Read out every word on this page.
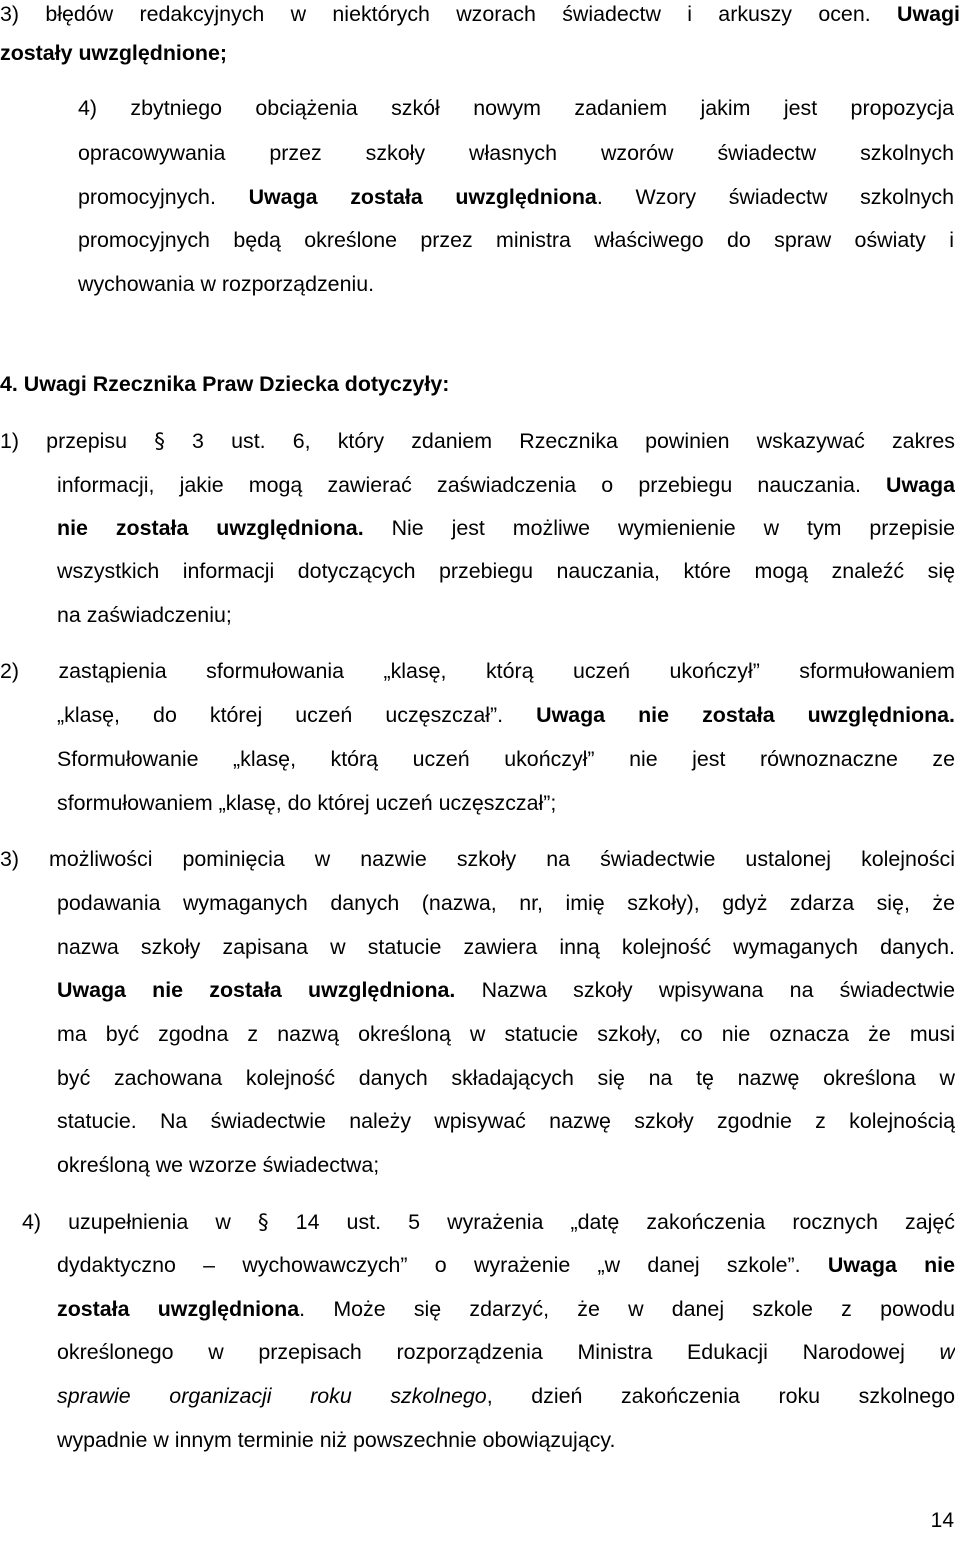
3) błędów redakcyjnych w niektórych wzorach świadectw i arkuszy ocen. Uwagi
zostały uwzględnione;
4) zbytniego obciążenia szkół nowym zadaniem jakim jest propozycja
opracowywania przez szkoły własnych wzorów świadectw szkolnych
promocyjnych. Uwaga została uwzględniona. Wzory świadectw szkolnych
promocyjnych będą określone przez ministra właściwego do spraw oświaty i
wychowania w rozporządzeniu.
4. Uwagi Rzecznika Praw Dziecka dotyczyły:
1) przepisu § 3 ust. 6, który zdaniem Rzecznika powinien wskazywać zakres
informacji, jakie mogą zawierać zaświadczenia o przebiegu nauczania. Uwaga
nie została uwzględniona. Nie jest możliwe wymienienie w tym przepisie
wszystkich informacji dotyczących przebiegu nauczania, które mogą znaleźć się
na zaświadczeniu;
2) zastąpienia sformułowania „klasę, którą uczeń ukończył” sformułowaniem
„klasę, do której uczeń uczęszczał”. Uwaga nie została uwzględniona.
Sformułowanie „klasę, którą uczeń ukończył” nie jest równoznaczne ze
sformułowaniem „klasę, do której uczeń uczęszczał”;
3) możliwości pominięcia w nazwie szkoły na świadectwie ustalonej kolejności
podawania wymaganych danych (nazwa, nr, imię szkoły), gdyż zdarza się, że
nazwa szkoły zapisana w statucie zawiera inną kolejność wymaganych danych.
Uwaga nie została uwzględniona. Nazwa szkoły wpisywana na świadectwie
ma być zgodna z nazwą określoną w statucie szkoły, co nie oznacza że musi
być zachowana kolejność danych składających się na tę nazwę określona w
statucie. Na świadectwie należy wpisywać nazwę szkoły zgodnie z kolejnością
określoną we wzorze świadectwa;
4) uzupełnienia w § 14 ust. 5 wyrażenia „datę zakończenia rocznych zajęć
dydaktyczno – wychowawczych” o wyrażenie „w danej szkole”. Uwaga nie
została uwzględniona. Może się zdarzyć, że w danej szkole z powodu
określonego w przepisach rozporządzenia Ministra Edukacji Narodowej w
sprawie organizacji roku szkolnego, dzień zakończenia roku szkolnego
wypadnie w innym terminie niż powszechnie obowiązujący.
14
